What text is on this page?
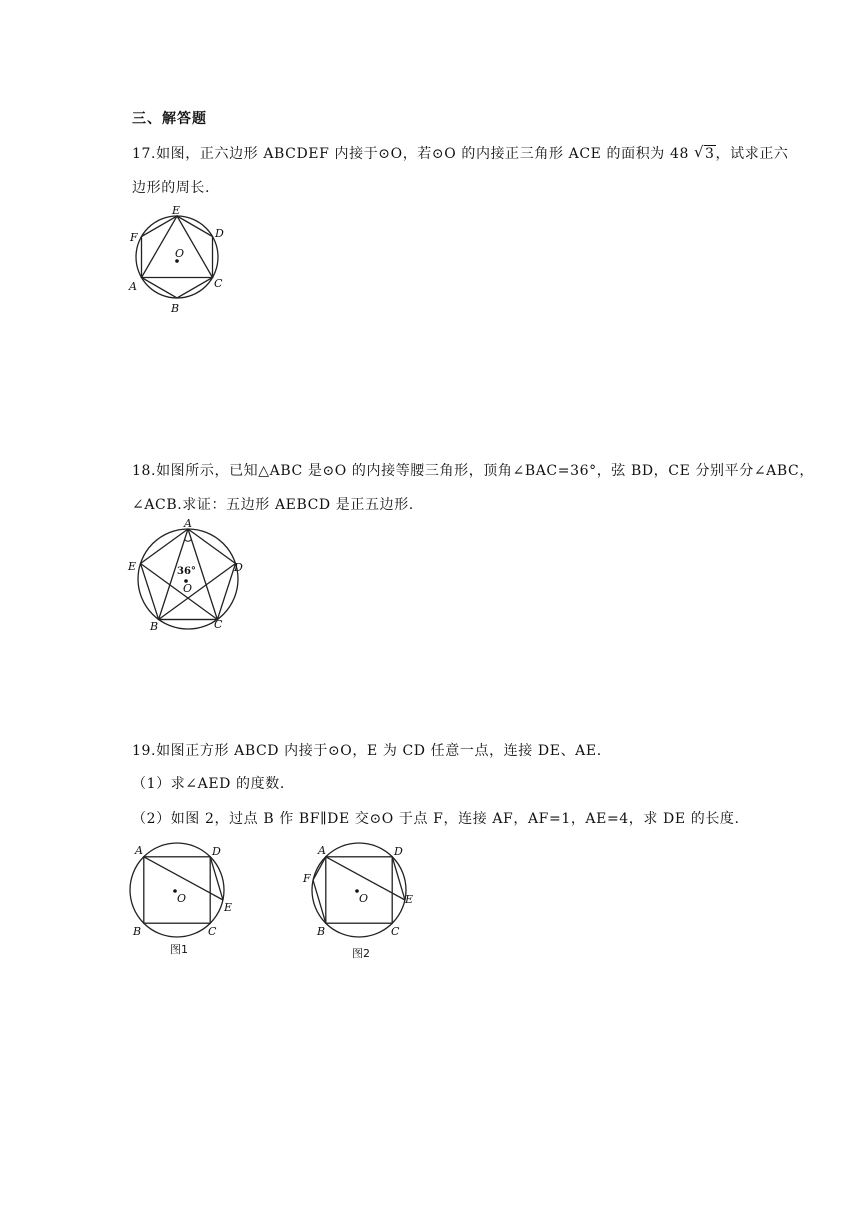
三、解答题
17.如图，正六边形 ABCDEF 内接于⊙O，若⊙O 的内接正三角形 ACE 的面积为 48 √ 3，试求正六
边形的周长.
E
D
C
B
A
F
O
18.如图所示，已知△ABC 是⊙O 的内接等腰三角形，顶角∠BAC=36°，弦 BD，CE 分别平分∠ABC，
∠ACB.求证：五边形 AEBCD 是正五边形.
A
E	D
B	C
O
36°
19.如图正方形 ABCD 内接于⊙O，E 为 CD 任意一点，连接 DE、AE.
（1）求∠AED 的度数.
（2）如图 2，过点 B 作 BF∥DE 交⊙O 于点 F，连接 AF，AF=1，AE=4，求 DE 的长度.
A	D
E
B	C
O
图1
A	D
E
F
B	C
O
图2
